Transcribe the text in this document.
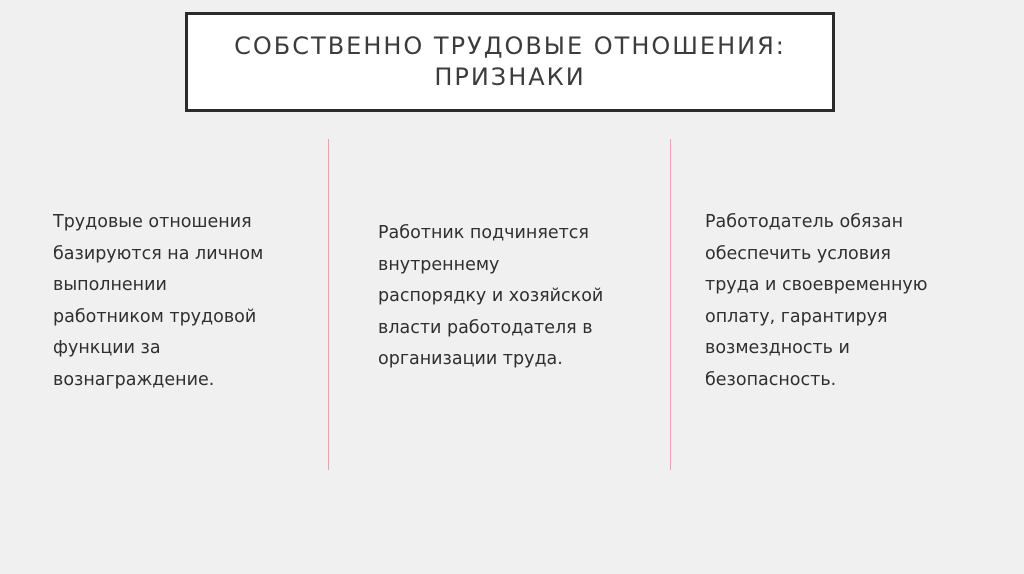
СОБСТВЕННО ТРУДОВЫЕ ОТНОШЕНИЯ:
ПРИЗНАКИ
Трудовые отношения
базируются на личном
выполнении
работником трудовой
функции за
вознаграждение.
Работник подчиняется
внутреннему
распорядку и хозяйской
власти работодателя в
организации труда.
Работодатель обязан
обеспечить условия
труда и своевременную
оплату, гарантируя
возмездность и
безопасность.
